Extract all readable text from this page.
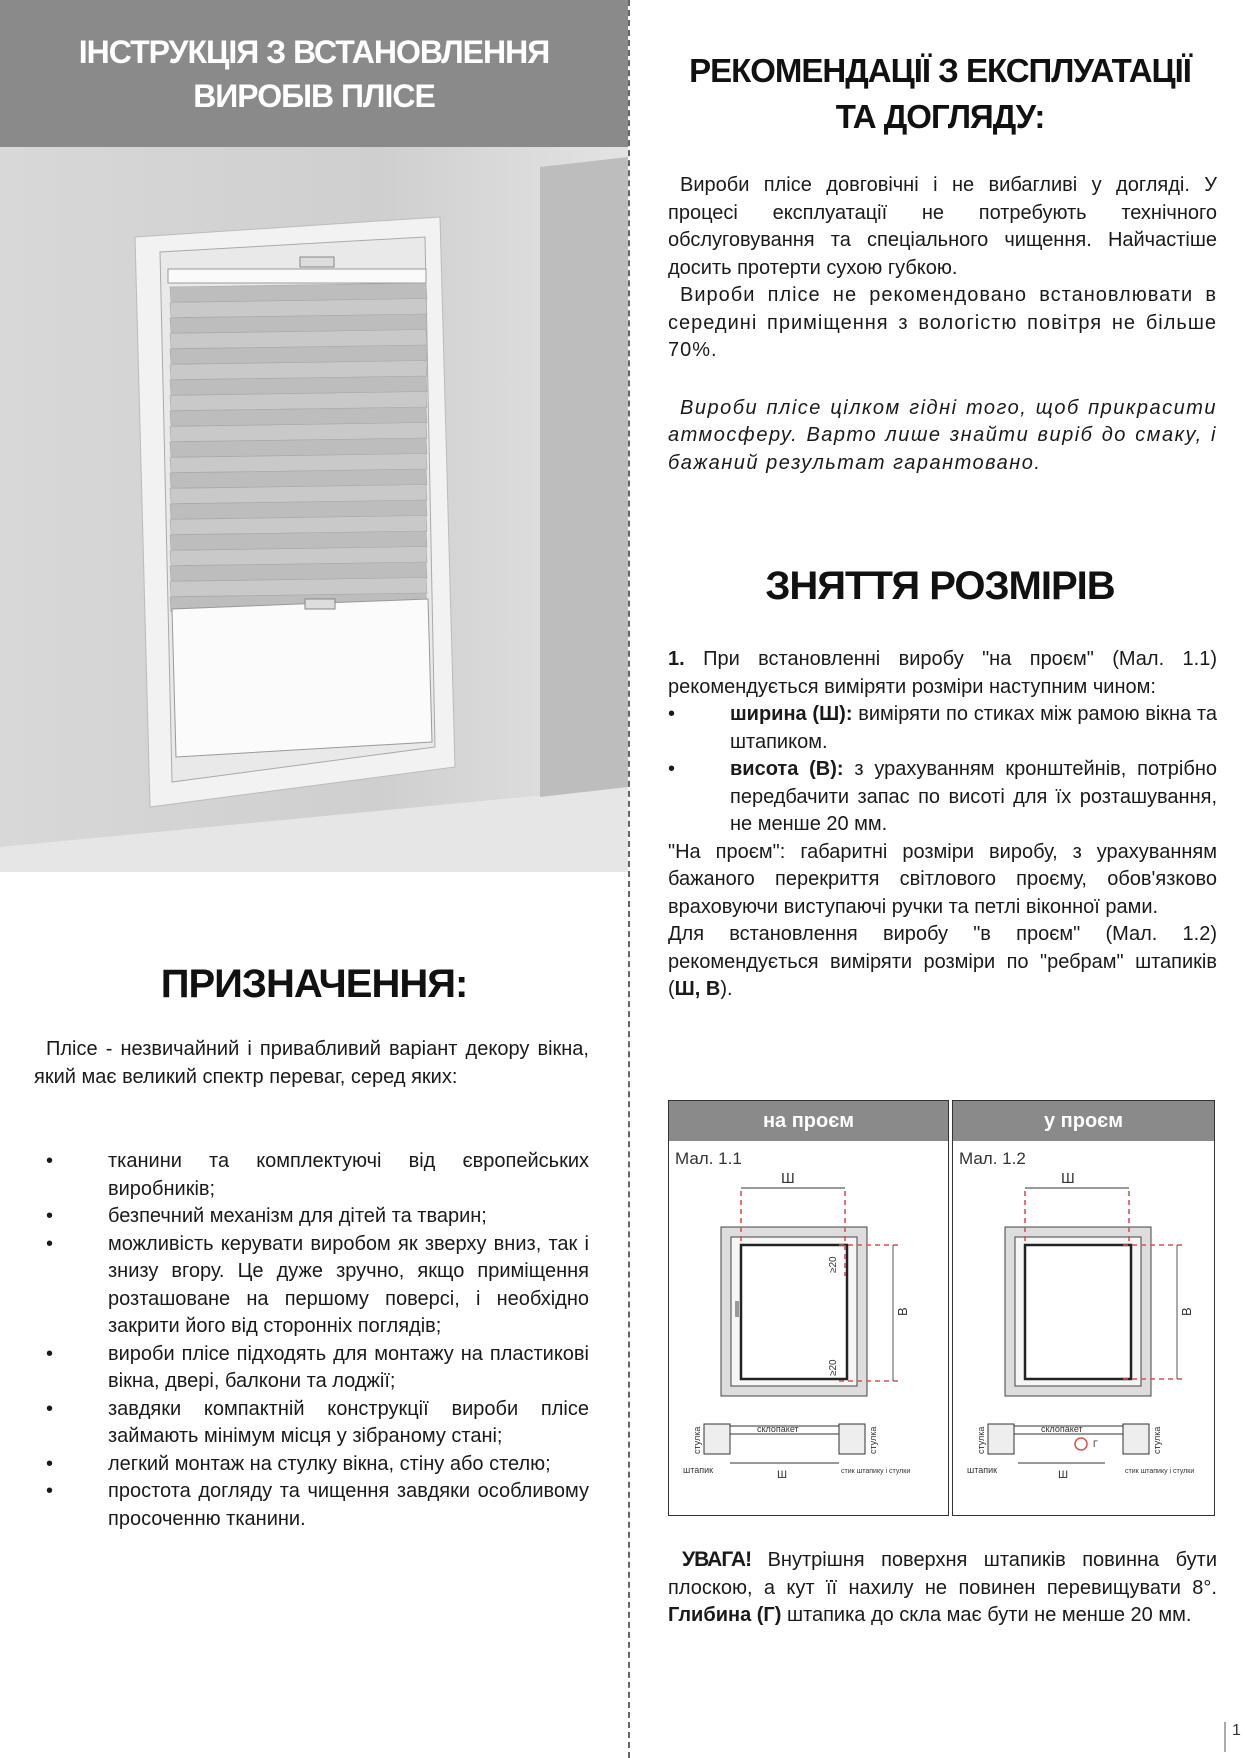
ІНСТРУКЦІЯ З ВСТАНОВЛЕННЯ
ВИРОБІВ ПЛІСЕ
ПРИЗНАЧЕННЯ:

Плісе - незвичайний і привабливий варіант декору вікна, який має великий спектр переваг, серед яких:

• тканини та комплектуючі від європейських виробників;
• безпечний механізм для дітей та тварин;
• можливість керувати виробом як зверху вниз, так і знизу вгору. Це дуже зручно, якщо приміщення розташоване на першому поверсі, і необхідно закрити його від сторонніх поглядів;
• вироби плісе підходять для монтажу на пластикові вікна, двері, балкони та лоджії;
• завдяки компактній конструкції вироби плісе займають мінімум місця у зібраному стані;
• легкий монтаж на стулку вікна, стіну або стелю;
• простота догляду та чищення завдяки особливому просоченню тканини.
РЕКОМЕНДАЦІЇ З ЕКСПЛУАТАЦІЇ
ТА ДОГЛЯДУ:

Вироби плісе довговічні і не вибагливі у догляді. У процесі експлуатації не потребують технічного обслуговування та спеціального чищення. Найчастіше досить протерти сухою губкою.

Вироби плісе не рекомендовано встановлювати в середині приміщення з вологістю повітря не більше 70%.

Вироби плісе цілком гідні того, щоб прикрасити атмосферу. Варто лише знайти виріб до смаку, і бажаний результат гарантовано.

ЗНЯТТЯ РОЗМІРІВ

1. При встановленні виробу "на проєм" (Мал. 1.1) рекомендується виміряти розміри наступним чином:

• ширина (Ш): виміряти по стиках між рамою вікна та штапиком.
• висота (В): з урахуванням кронштейнів, потрібно передбачити запас по висоті для їх розташування, не менше 20 мм.

"На проєм": габаритні розміри виробу, з урахуванням бажаного перекриття світлового проєму, обов'язково враховуючи виступаючі ручки та петлі віконної рами.

Для встановлення виробу "в проєм" (Мал. 1.2) рекомендується виміряти розміри по "ребрам" штапиків (Ш, В).

на проєм
Мал. 1.1
Ш
В
≥20
≥20
стулка	стулка
склопакет
Ш
штапик	стик штапику і стулки
у проєм
Мал. 1.2
Ш
В
стулка	стулка
склопакет
Г
Ш
штапик	стик штапику і стулки
УВАГА! Внутрішня поверхня штапиків повинна бути плоскою, а кут її нахилу не повинен перевищувати 8°. Глибина (Г) штапика до скла має бути не менше 20 мм.
1
